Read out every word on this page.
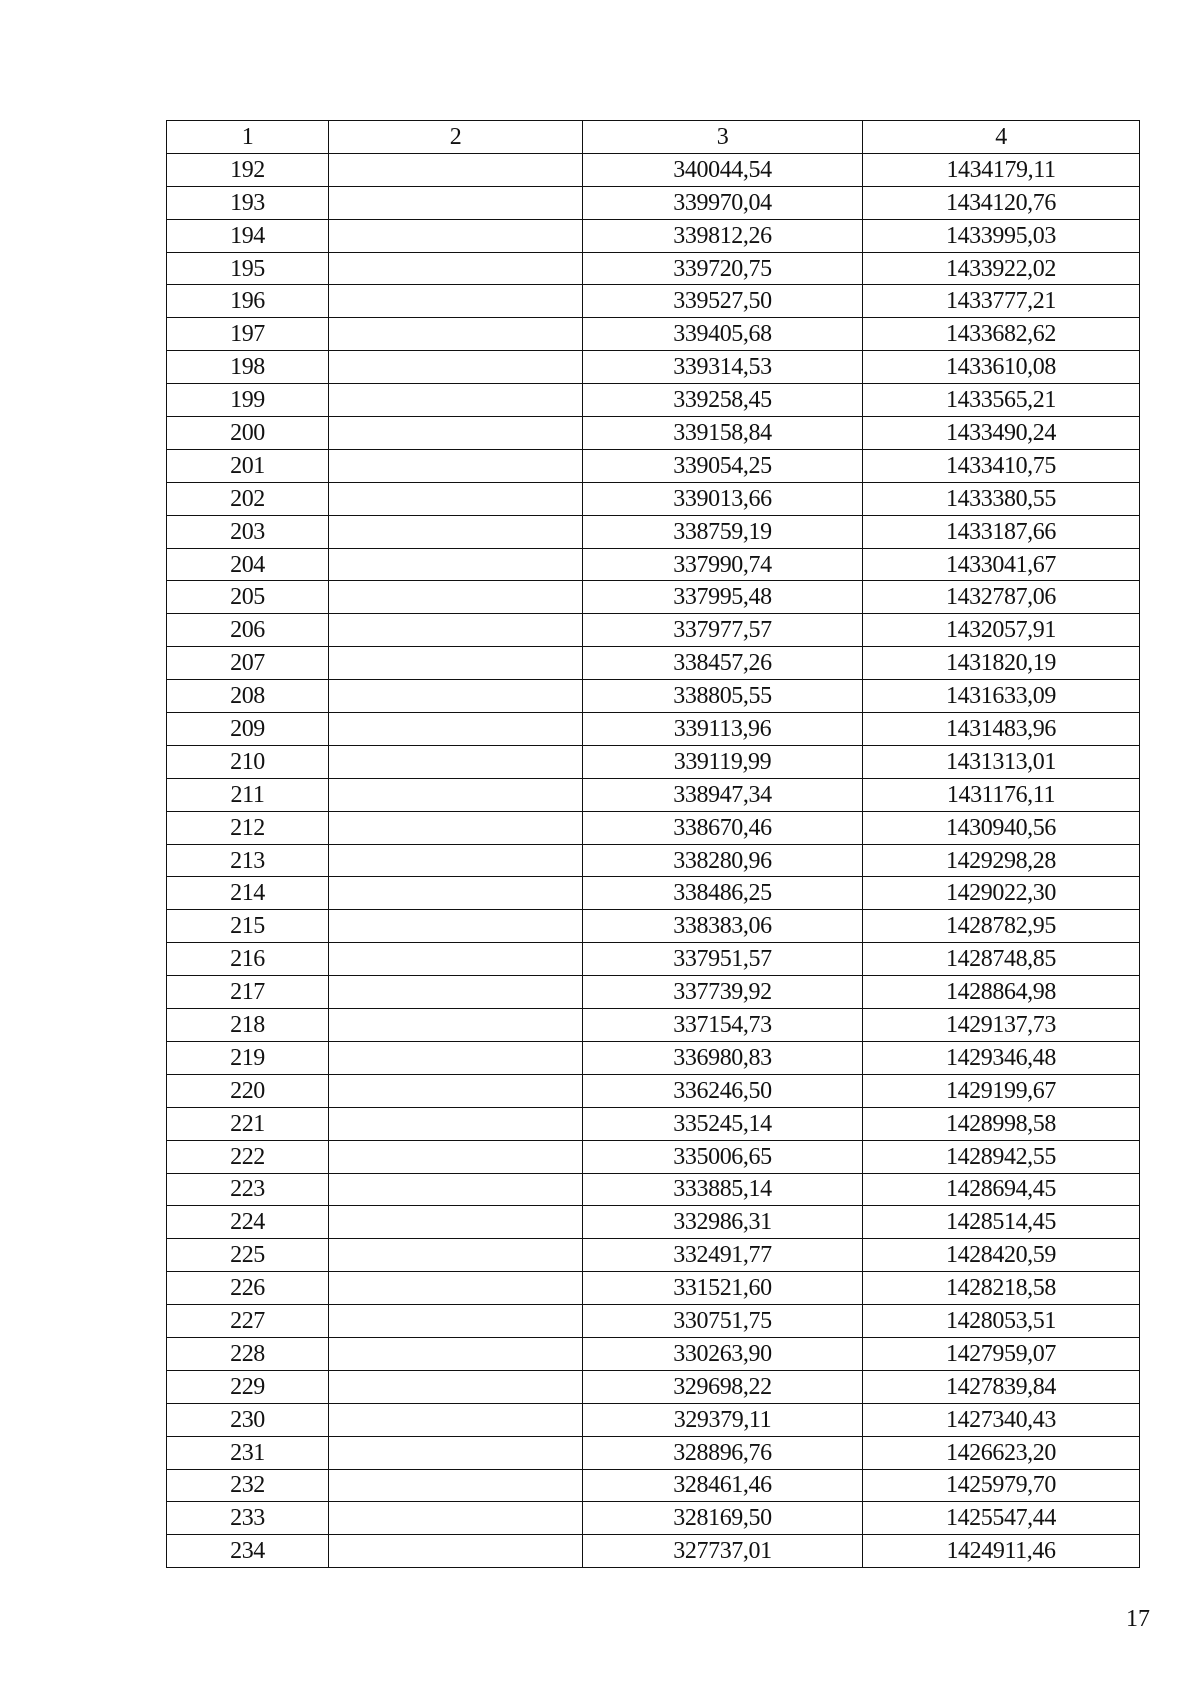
1	2	3	4
192		340044,54	1434179,11
193		339970,04	1434120,76
194		339812,26	1433995,03
195		339720,75	1433922,02
196		339527,50	1433777,21
197		339405,68	1433682,62
198		339314,53	1433610,08
199		339258,45	1433565,21
200		339158,84	1433490,24
201		339054,25	1433410,75
202		339013,66	1433380,55
203		338759,19	1433187,66
204		337990,74	1433041,67
205		337995,48	1432787,06
206		337977,57	1432057,91
207		338457,26	1431820,19
208		338805,55	1431633,09
209		339113,96	1431483,96
210		339119,99	1431313,01
211		338947,34	1431176,11
212		338670,46	1430940,56
213		338280,96	1429298,28
214		338486,25	1429022,30
215		338383,06	1428782,95
216		337951,57	1428748,85
217		337739,92	1428864,98
218		337154,73	1429137,73
219		336980,83	1429346,48
220		336246,50	1429199,67
221		335245,14	1428998,58
222		335006,65	1428942,55
223		333885,14	1428694,45
224		332986,31	1428514,45
225		332491,77	1428420,59
226		331521,60	1428218,58
227		330751,75	1428053,51
228		330263,90	1427959,07
229		329698,22	1427839,84
230		329379,11	1427340,43
231		328896,76	1426623,20
232		328461,46	1425979,70
233		328169,50	1425547,44
234		327737,01	1424911,46
17
